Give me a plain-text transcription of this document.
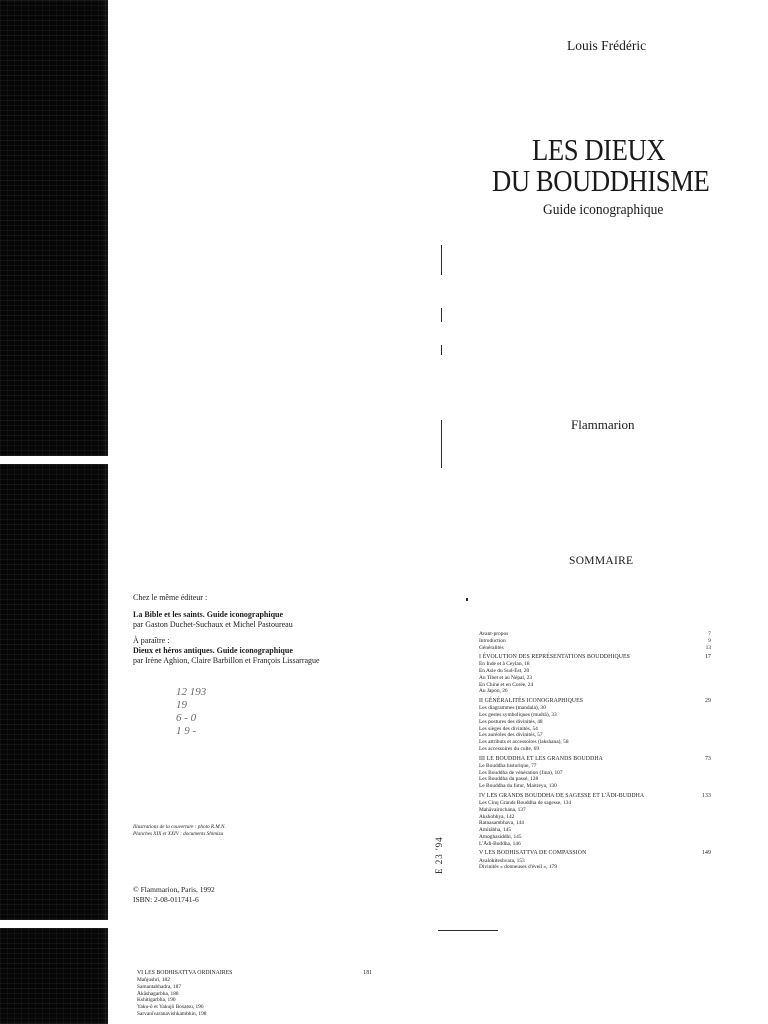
Louis Frédéric
LES DIEUX
DU BOUDDHISME
Guide iconographique
Flammarion

Chez le même éditeur :

La Bible et les saints. Guide iconographique

par Gaston Duchet-Suchaux et Michel Pastoureau

À paraître :

Dieux et héros antiques. Guide iconographique

par Irène Aghion, Claire Barbillon et François Lissarrague

12 193
19
6 - 0
1 9 -
Illustrations de la couverture : photo R.M.N.
Planches XIX et XXIV : documents Shimizu
© Flammarion, Paris, 1992
ISBN: 2-08-011741-6
E 23 '94
SOMMAIRE
Avant-propos	7
Introduction	9
Généralités	13
I ÉVOLUTION DES REPRÉSENTATIONS BOUDDHIQUES	17
En Inde et à Ceylan, 18
En Asie du Sud-Est, 20
Au Tibet et au Népal, 23
En Chine et en Corée, 24
Au Japon, 26
II GÉNÉRALITÉS ICONOGRAPHIQUES	29
Les diagrammes (mandala), 30
Les gestes symboliques (mudrā), 33
Les postures des divinités, 48
Les sièges des divinités, 54
Les auréoles des divinités, 57
Les attributs et accessoires (lakshana), 58
Les accessoires du culte, 69
III LE BOUDDHA ET LES GRANDS BOUDDHA	73
Le Bouddha historique, 77
Les Bouddha de vénération (Jina), 107
Les Bouddha du passé, 128
Le Bouddha du futur, Maitreya, 130
IV LES GRANDS BOUDDHA DE SAGESSE ET L'ĀDI-BUDDHA	133
Les Cinq Grands Bouddha de sagesse, 134
Mahāvairochana, 137
Akshobhya, 142
Ratnasambhava, 144
Amitābha, 145
Amoghasiddhi, 145
L'Ādi-Buddha, 146
V LES BODHISATTVA DE COMPASSION	149
Avalokiteshvara, 153
Divinités « donneuses d'éveil », 179
VI LES BODHISATTVA ORDINAIRES	181
Mañjushrī, 182
Samantabhadra, 187
Ākāshagarbha, 188
Kshitigarbha, 190
Yaku-ō et Yakujō Bosatsu, 196
Sarvanīvaranavishkambhin, 198
